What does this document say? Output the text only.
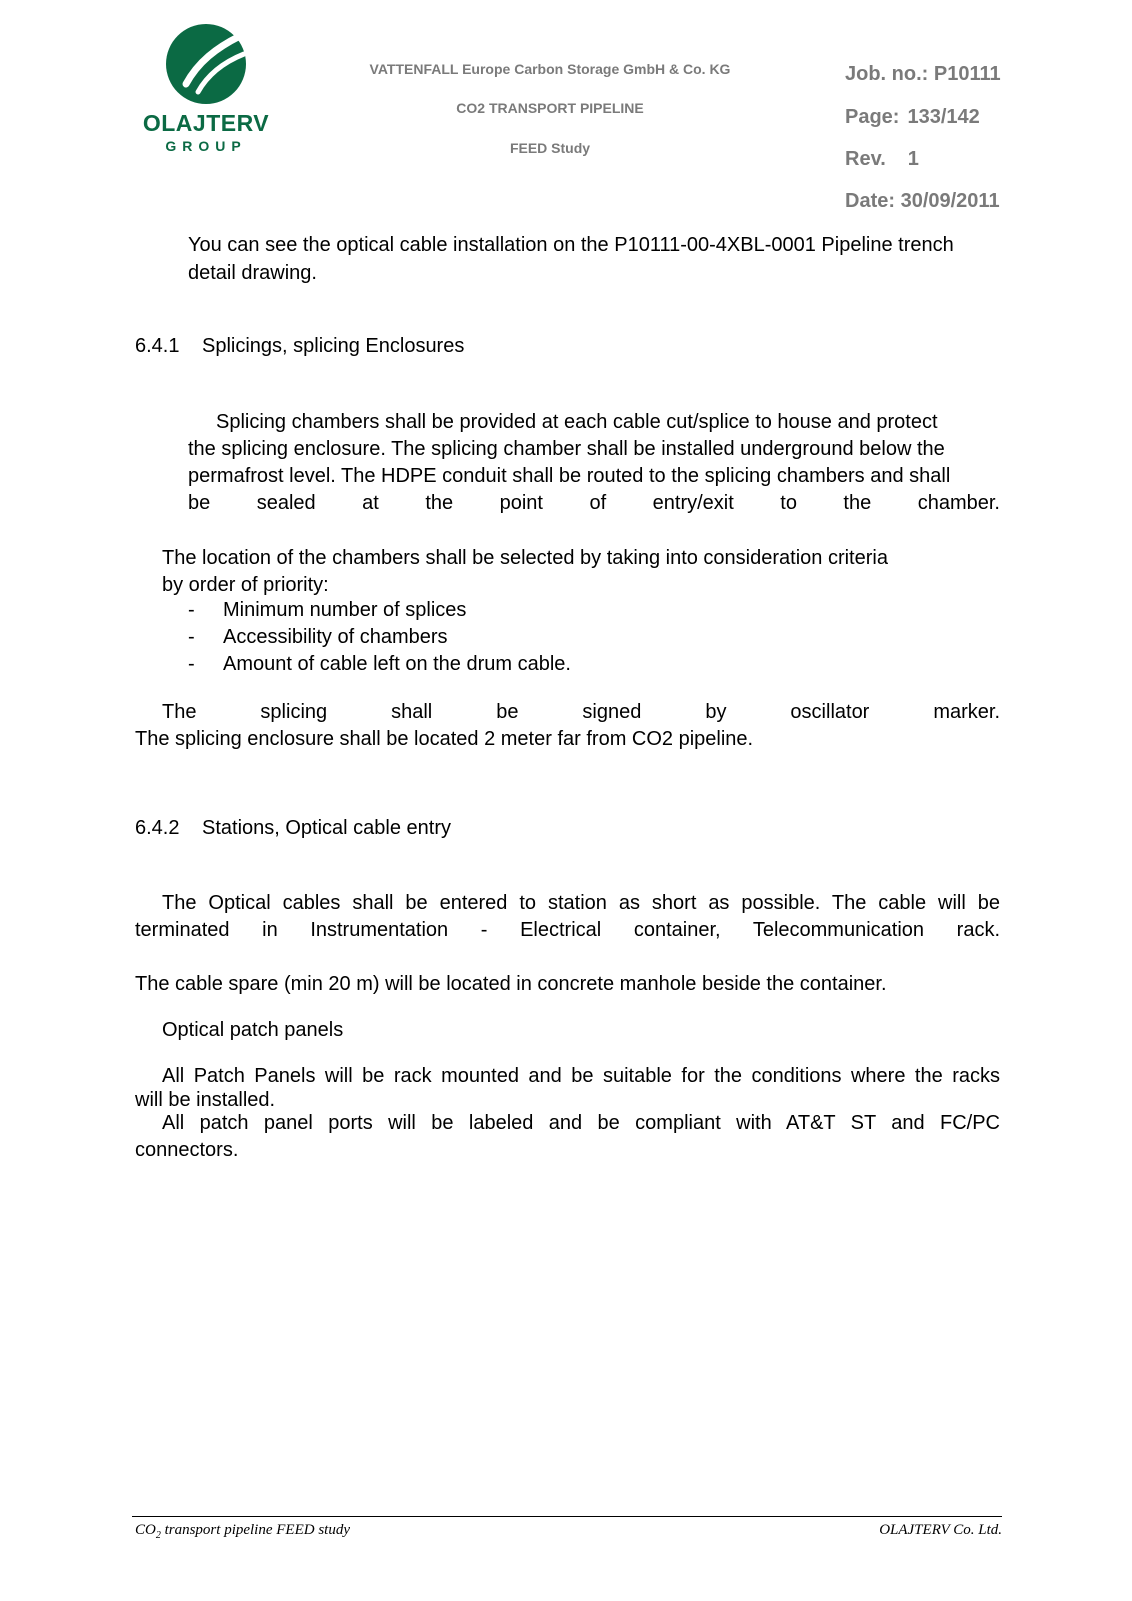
OLAJTERV
GROUP
VATTENFALL Europe Carbon Storage GmbH & Co. KG
CO2 TRANSPORT PIPELINE
FEED Study
Job. no.: P10111
Page: 133/142
Rev. 1
Date: 30/09/2011
You can see the optical cable installation on the P10111-00-4XBL-0001 Pipeline trench
detail drawing.
6.4.1 Splicings, splicing Enclosures
Splicing chambers shall be provided at each cable cut/splice to house and protect
the splicing enclosure. The splicing chamber shall be installed underground below the
permafrost level. The HDPE conduit shall be routed to the splicing chambers and shall
be sealed at the point of entry/exit to the chamber.
The location of the chambers shall be selected by taking into consideration criteria
by order of priority:
- Minimum number of splices
- Accessibility of chambers
- Amount of cable left on the drum cable.
The splicing shall be signed by oscillator marker.
The splicing enclosure shall be located 2 meter far from CO2 pipeline.
6.4.2 Stations, Optical cable entry
The Optical cables shall be entered to station as short as possible. The cable will be
terminated in Instrumentation - Electrical container, Telecommunication rack.
The cable spare (min 20 m) will be located in concrete manhole beside the container.
Optical patch panels
All Patch Panels will be rack mounted and be suitable for the conditions where the racks
will be installed.
All patch panel ports will be labeled and be compliant with AT&T ST and FC/PC
connectors.
$CO_2$ transport pipeline FEED study	OLAJTERV Co. Ltd.
